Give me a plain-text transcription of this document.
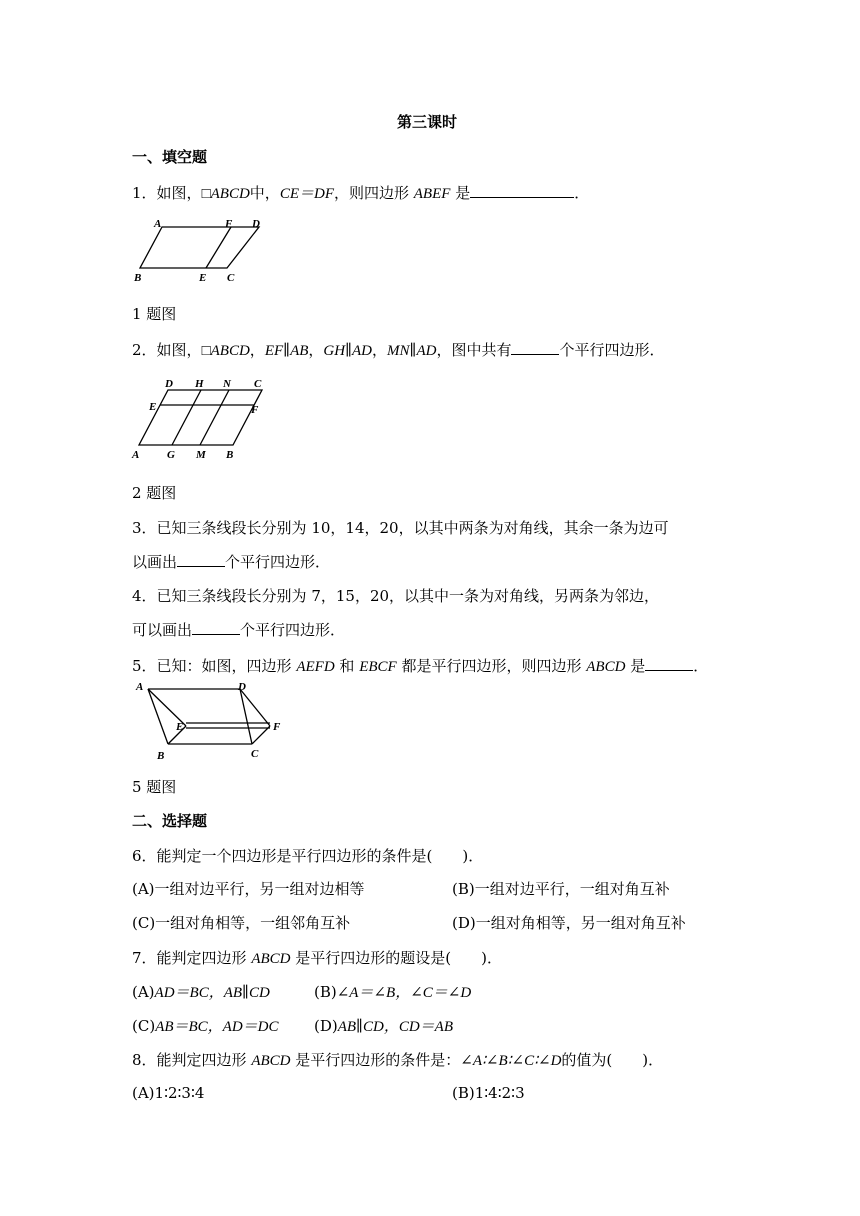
第三课时
一、填空题
1．如图，□ABCD中，CE＝DF，则四边形 ABEF 是	．
A	F D
B	E C
1 题图
2．如图，□ABCD，EF∥AB，GH∥AD，MN∥AD，图中共有	个平行四边形．
D H N C
E	F
A	G M B
2 题图
3．已知三条线段长分别为 10，14，20，以其中两条为对角线，其余一条为边可
以画出	个平行四边形．
4．已知三条线段长分别为 7，15，20，以其中一条为对角线，另两条为邻边，
可以画出	个平行四边形．
5．已知：如图，四边形 AEFD 和 EBCF 都是平行四边形，则四边形 ABCD 是	．
A	D
E	F
B	C
5 题图
二、选择题
6．能判定一个四边形是平行四边形的条件是(　　)．
(A)一组对边平行，另一组对边相等	(B)一组对边平行，一组对角互补
(C)一组对角相等，一组邻角互补	(D)一组对角相等，另一组对角互补
7．能判定四边形 ABCD 是平行四边形的题设是(　　)．
(A)AD＝BC，AB∥CD	(B)∠A＝∠B，∠C＝∠D
(C)AB＝BC，AD＝DC (D)AB∥CD，CD＝AB
8．能判定四边形 ABCD 是平行四边形的条件是：∠A∶∠B∶∠C∶∠D的值为(　　)．
(A)1∶2∶3∶4	(B)1∶4∶2∶3
